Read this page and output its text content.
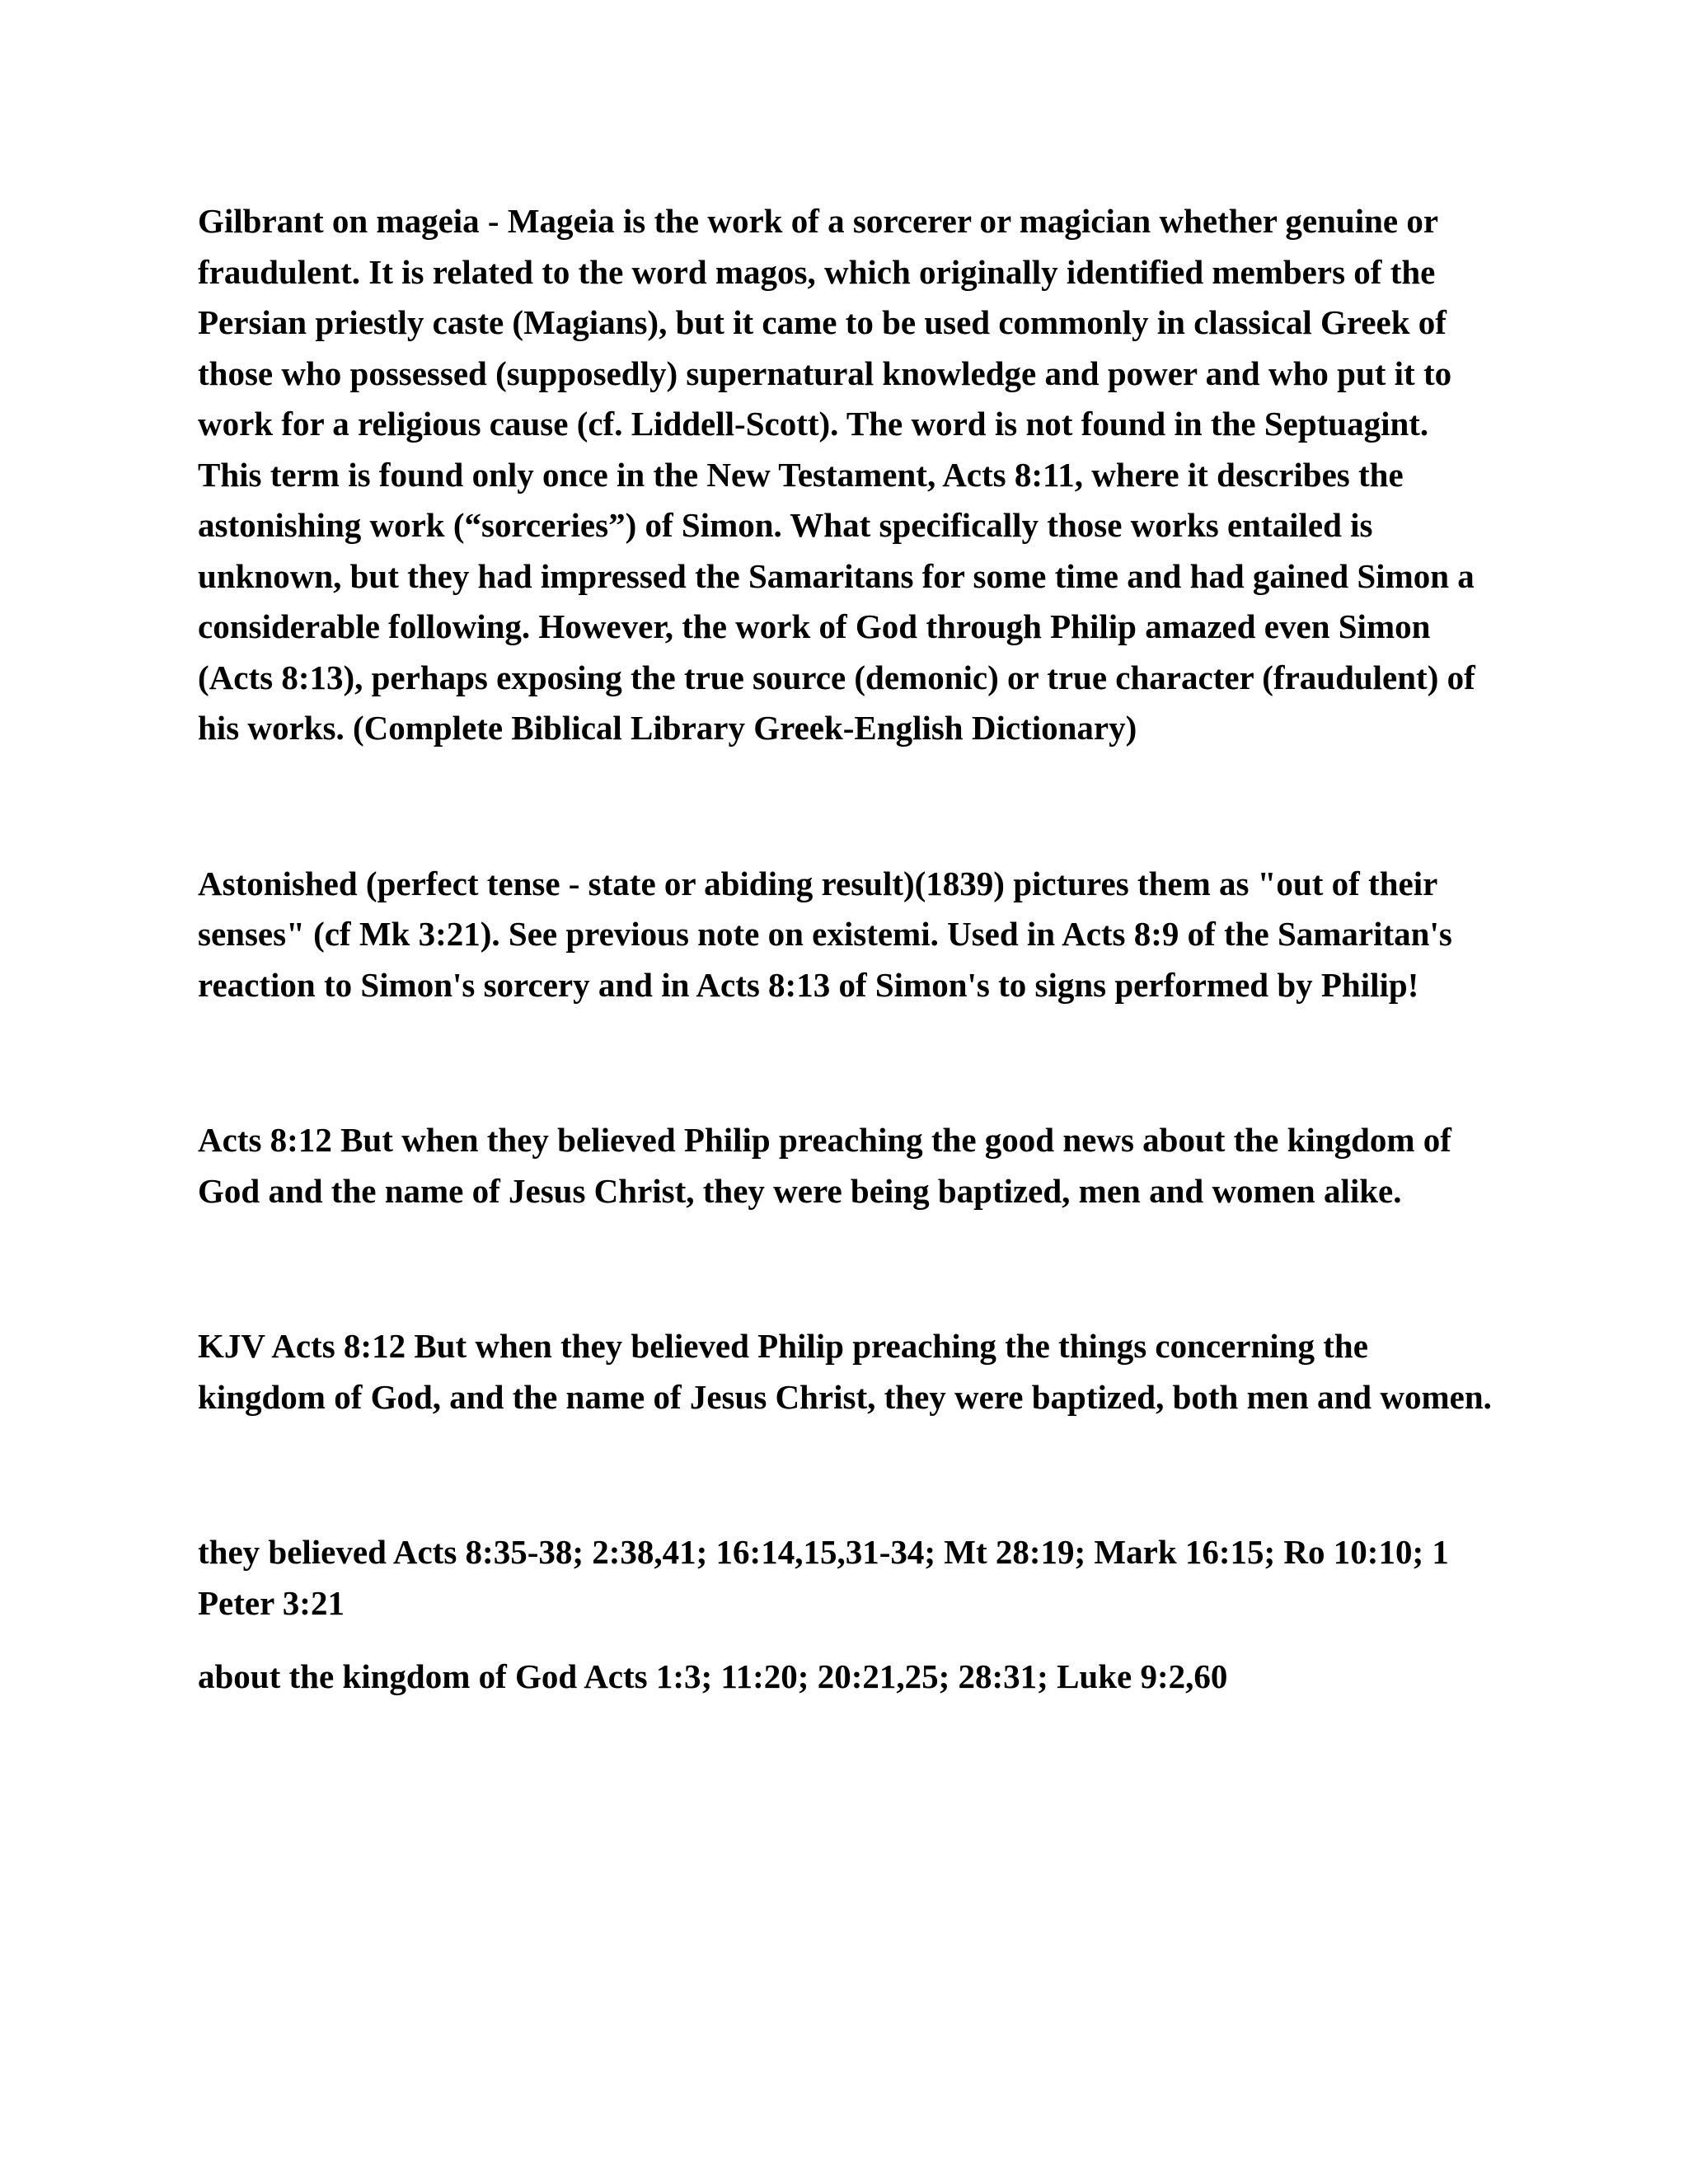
Gilbrant on mageia - Mageia is the work of a sorcerer or magician whether genuine or fraudulent. It is related to the word magos, which originally identified members of the Persian priestly caste (Magians), but it came to be used commonly in classical Greek of those who possessed (supposedly) supernatural knowledge and power and who put it to work for a religious cause (cf. Liddell-Scott). The word is not found in the Septuagint. This term is found only once in the New Testament, Acts 8:11, where it describes the astonishing work (“sorceries”) of Simon. What specifically those works entailed is unknown, but they had impressed the Samaritans for some time and had gained Simon a considerable following. However, the work of God through Philip amazed even Simon (Acts 8:13), perhaps exposing the true source (demonic) or true character (fraudulent) of his works. (Complete Biblical Library Greek-English Dictionary)

Astonished (perfect tense - state or abiding result)(1839) pictures them as "out of their senses" (cf Mk 3:21). See previous note on existemi. Used in Acts 8:9 of the Samaritan's reaction to Simon's sorcery and in Acts 8:13 of Simon's to signs performed by Philip!

Acts 8:12 But when they believed Philip preaching the good news about the kingdom of God and the name of Jesus Christ, they were being baptized, men and women alike.

KJV Acts 8:12 But when they believed Philip preaching the things concerning the kingdom of God, and the name of Jesus Christ, they were baptized, both men and women.

they believed Acts 8:35-38; 2:38,41; 16:14,15,31-34; Mt 28:19; Mark 16:15; Ro 10:10; 1 Peter 3:21

about the kingdom of God Acts 1:3; 11:20; 20:21,25; 28:31; Luke 9:2,60
